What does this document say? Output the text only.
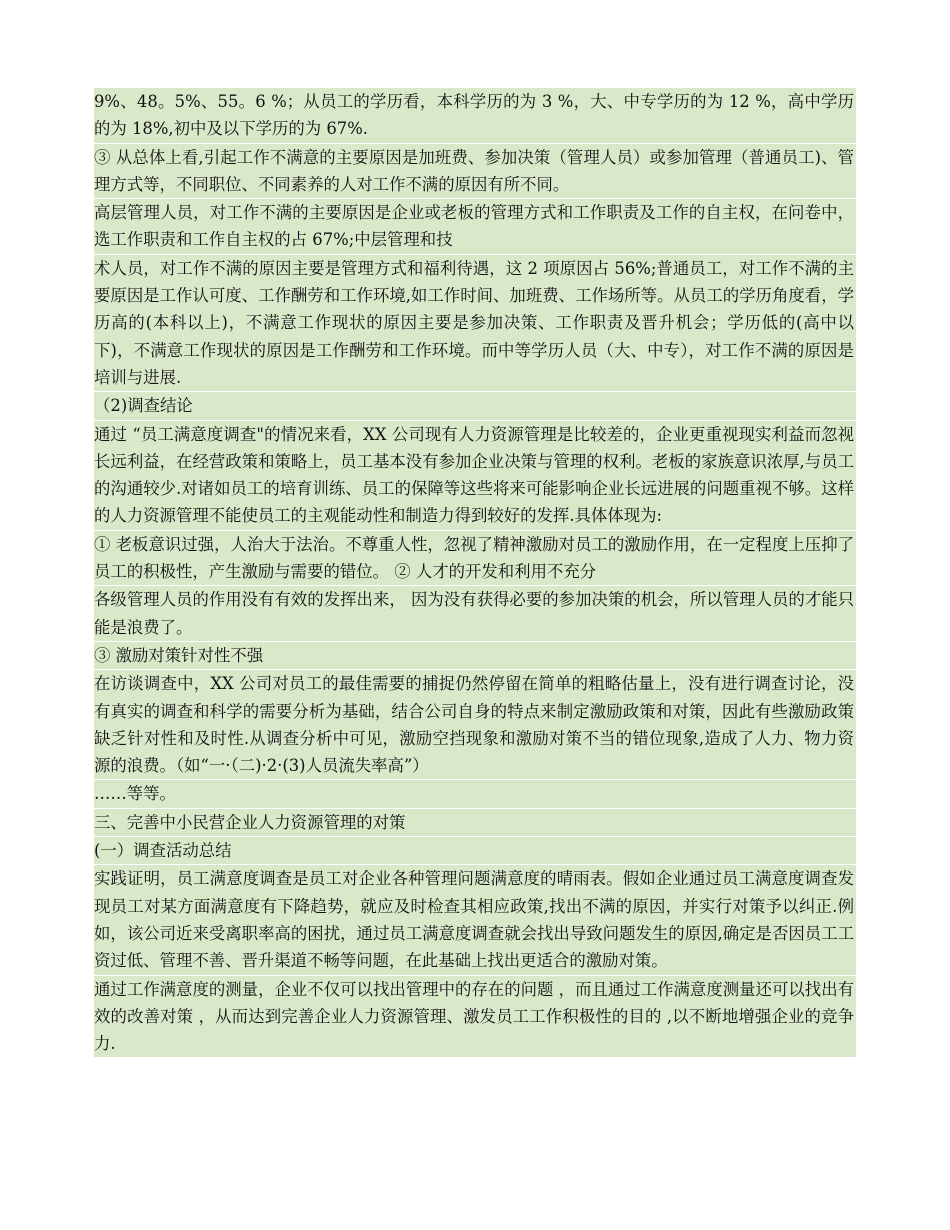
9%、48。5%、55。6 %；从员工的学历看，本科学历的为 3 %，大、中专学历的为 12 %，高中学历的为 18%,初中及以下学历的为 67%.

③ 从总体上看,引起工作不满意的主要原因是加班费、参加决策（管理人员）或参加管理（普通员工)、管理方式等，不同职位、不同素养的人对工作不满的原因有所不同。

高层管理人员，对工作不满的主要原因是企业或老板的管理方式和工作职责及工作的自主权，在问卷中，选工作职责和工作自主权的占 67%;中层管理和技

术人员，对工作不满的原因主要是管理方式和福利待遇，这 2 项原因占 56%;普通员工，对工作不满的主要原因是工作认可度、工作酬劳和工作环境,如工作时间、加班费、工作场所等。从员工的学历角度看，学历高的(本科以上)，不满意工作现状的原因主要是参加决策、工作职责及晋升机会；学历低的(高中以下)，不满意工作现状的原因是工作酬劳和工作环境。而中等学历人员（大、中专），对工作不满的原因是培训与进展.

（2)调查结论

通过 “员工满意度调查"的情况来看，XX 公司现有人力资源管理是比较差的，企业更重视现实利益而忽视长远利益，在经营政策和策略上，员工基本没有参加企业决策与管理的权利。老板的家族意识浓厚,与员工的沟通较少.对诸如员工的培育训练、员工的保障等这些将来可能影响企业长远进展的问题重视不够。这样的人力资源管理不能使员工的主观能动性和制造力得到较好的发挥.具体体现为:

① 老板意识过强，人治大于法治。不尊重人性，忽视了精神激励对员工的激励作用，在一定程度上压抑了员工的积极性，产生激励与需要的错位。 ② 人才的开发和利用不充分

各级管理人员的作用没有有效的发挥出来， 因为没有获得必要的参加决策的机会，所以管理人员的才能只能是浪费了。

③ 激励对策针对性不强

在访谈调查中，XX 公司对员工的最佳需要的捕捉仍然停留在简单的粗略估量上，没有进行调查讨论，没有真实的调查和科学的需要分析为基础，结合公司自身的特点来制定激励政策和对策，因此有些激励政策缺乏针对性和及时性.从调查分析中可见，激励空挡现象和激励对策不当的错位现象,造成了人力、物力资源的浪费。（如“一·（二)·2·(3)人员流失率高”）

……等等。

三、完善中小民营企业人力资源管理的对策

(一）调查活动总结

实践证明，员工满意度调查是员工对企业各种管理问题满意度的晴雨表。假如企业通过员工满意度调查发现员工对某方面满意度有下降趋势，就应及时检查其相应政策,找出不满的原因，并实行对策予以纠正.例如，该公司近来受离职率高的困扰，通过员工满意度调查就会找出导致问题发生的原因,确定是否因员工工资过低、管理不善、晋升渠道不畅等问题，在此基础上找出更适合的激励对策。

通过工作满意度的测量，企业不仅可以找出管理中的存在的问题 ，而且通过工作满意度测量还可以找出有效的改善对策 ，从而达到完善企业人力资源管理、激发员工工作积极性的目的 ,以不断地增强企业的竞争力.
